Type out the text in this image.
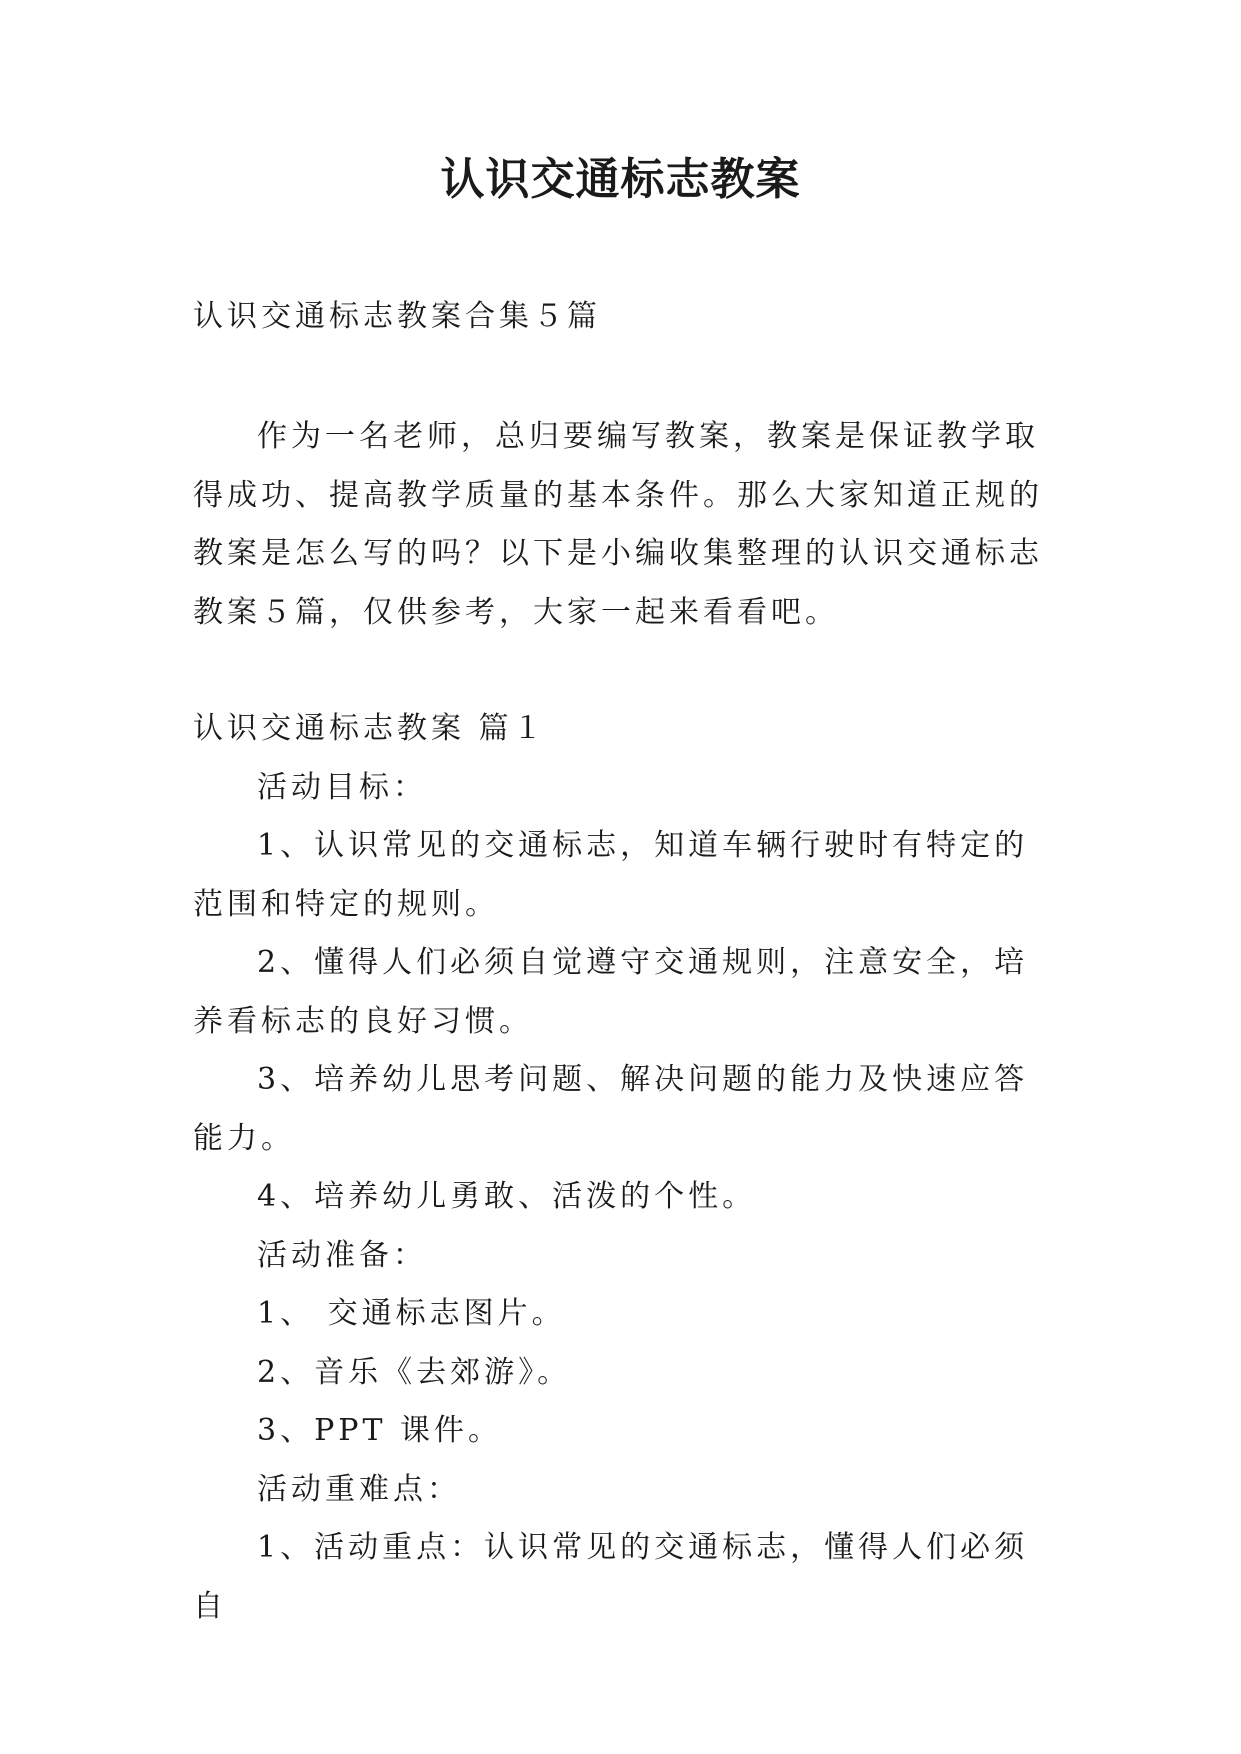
认识交通标志教案
认识交通标志教案合集５篇
作为一名老师，总归要编写教案，教案是保证教学取得成功、提高教学质量的基本条件。那么大家知道正规的教案是怎么写的吗？以下是小编收集整理的认识交通标志教案５篇，仅供参考，大家一起来看看吧。

认识交通标志教案 篇１

活动目标：

1、认识常见的交通标志，知道车辆行驶时有特定的范围和特定的规则。

2、懂得人们必须自觉遵守交通规则，注意安全，培养看标志的良好习惯。

3、培养幼儿思考问题、解决问题的能力及快速应答能力。

4、培养幼儿勇敢、活泼的个性。

活动准备：

1、 交通标志图片。

2、音乐《去郊游》。

3、PPT 课件。

活动重难点：

1、活动重点：认识常见的交通标志，懂得人们必须自
